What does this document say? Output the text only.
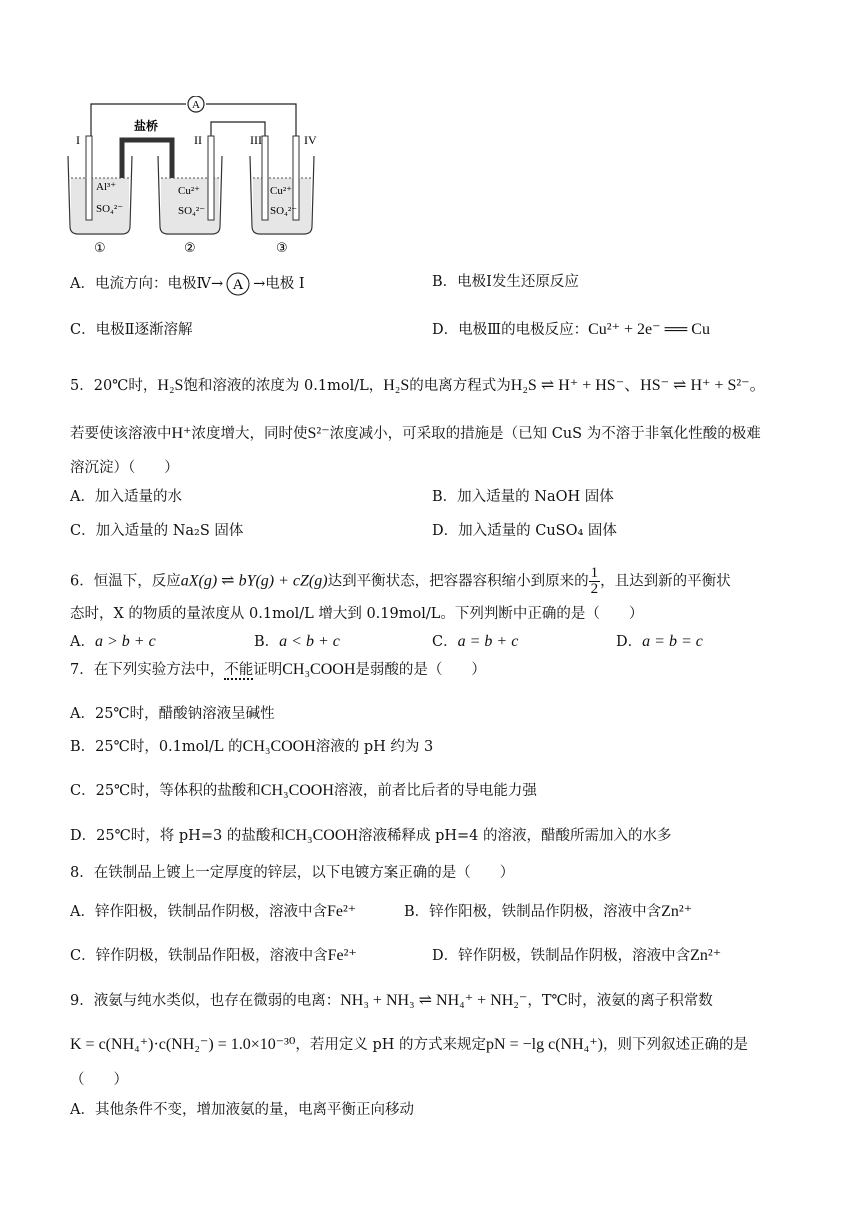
A
I	II	III	IV
盐桥
Al³⁺
SO₄²⁻
Cu²⁺
SO₄²⁻
Cu²⁺
SO₄²⁻
①	②	③
A．电流方向：电极Ⅳ→ A →电极 I	B．电极Ⅰ发生还原反应
C．电极Ⅱ逐渐溶解	D．电极Ⅲ的电极反应：Cu²⁺ + 2e⁻ ══ Cu
5．20℃时，H₂S饱和溶液的浓度为 0.1mol/L，H₂S的电离方程式为H₂S ⇌ H⁺ + HS⁻、HS⁻ ⇌ H⁺ + S²⁻。
若要使该溶液中H⁺浓度增大，同时使S²⁻浓度减小，可采取的措施是（已知 CuS 为不溶于非氧化性酸的极难
溶沉淀）（　　）
A．加入适量的水	B．加入适量的 NaOH 固体
C．加入适量的 Na₂S 固体	D．加入适量的 CuSO₄ 固体
6．恒温下，反应aX(g) ⇌ bY(g) + cZ(g)达到平衡状态，把容器容积缩小到原来的 $\frac{1}{2}$ ，且达到新的平衡状
态时，X 的物质的量浓度从 0.1mol/L 增大到 0.19mol/L。下列判断中正确的是（　　）
A．a > b + c	B．a < b + c	C．a = b + c	D．a = b = c
7．在下列实验方法中，不能证明CH₃COOH是弱酸的是（　　）
A．25℃时，醋酸钠溶液呈碱性
B．25℃时，0.1mol/L 的CH₃COOH溶液的 pH 约为 3
C．25℃时，等体积的盐酸和CH₃COOH溶液，前者比后者的导电能力强
D．25℃时，将 pH=3 的盐酸和CH₃COOH溶液稀释成 pH=4 的溶液，醋酸所需加入的水多
8．在铁制品上镀上一定厚度的锌层，以下电镀方案正确的是（　　）
A．锌作阳极，铁制品作阴极，溶液中含Fe²⁺	B．锌作阳极，铁制品作阴极，溶液中含Zn²⁺
C．锌作阴极，铁制品作阳极，溶液中含Fe²⁺	D．锌作阴极，铁制品作阴极，溶液中含Zn²⁺
9．液氨与纯水类似，也存在微弱的电离：NH₃ + NH₃ ⇌ NH₄⁺ + NH₂⁻，T℃时，液氨的离子积常数
K = c(NH₄⁺)·c(NH₂⁻) = 1.0×10⁻³⁰，若用定义 pH 的方式来规定pN = −lg c(NH₄⁺)，则下列叙述正确的是
（　　）
A．其他条件不变，增加液氨的量，电离平衡正向移动
